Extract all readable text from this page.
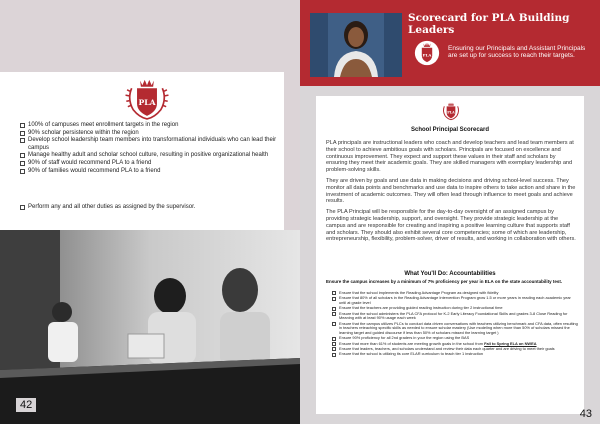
PLA
100% of campuses meet enrollment targets in the region
90% scholar persistence within the region
Develop school leadership team members into transformational individuals who can lead their campus
Manage healthy adult and scholar school culture, resulting in positive organizational health
90% of staff would recommend PLA to a friend
90% of families would recommend PLA to a friend
Perform any and all other duties as assigned by the supervisor.
42
Scorecard for PLA Building Leaders
PLA
Ensuring our Principals and Assistant Principals are set up for success to reach their targets.
PLA
School Principal Scorecard

PLA principals are instructional leaders who coach and develop teachers and lead team members at their school to achieve ambitious goals with scholars. Principals are focused on excellence and continuous improvement. They expect and support these values in their staff and scholars by ensuring they meet their academic goals. They are skilled managers with exemplary leadership and problem-solving skills.

They are driven by goals and use data in making decisions and driving school-level success. They monitor all data points and benchmarks and use data to inspire others to take action and share in the investment of academic outcomes. They will often lead through influence to meet goals and achieve results.

The PLA Principal will be responsible for the day-to-day oversight of an assigned campus by providing strategic leadership, support, and oversight. They provide strategic leadership at the campus and are responsible for creating and inspiring a positive learning culture that supports staff and scholars. They should also exhibit several core competencies; some of which are leadership, entrepreneurship, flexibility, problem-solver, driver of results, and working in collaboration with others.

What You'll Do: Accountabilities
Ensure the campus increases by a minimum of 7% proficiency per year in ELA on the state accountability test.
Ensure that the school implements the Reading Advantage Program as designed with fidelity
Ensure that 80% of all scholars in the Reading Advantage Intervention Program grow 1.5 or more years in reading each academic year until at grade level
Ensure that the teachers are providing guided reading instruction during tier 2 instructional time
Ensure that the school administers the PLA CFA protocol for K-2 Early Literacy Foundational Skills and grades 3-8 Close Reading for Meaning with at least 90% usage each week
Ensure that the campus utilizes PLCs to conduct data driven conversations with teachers utilizing benchmark and CFA data, often resulting in teachers reteaching specific skills as needed to ensure scholar mastery (Use modeling when more than 50% of scholars missed the learning target and guided discourse if less than 50% of scholars missed the learning target )
Ensure 90% proficiency for all 2nd graders in your the region using the BAS
Ensure that more than 61% of students are meeting growth goals in the school from Fall to Spring ELA on NWEA
Ensure that leaders, teachers, and scholars understand and review their data each quarter and are driving to meet their goals
Ensure that the school is utilizing its core ELAR curriculum to teach tier 1 instruction
43
